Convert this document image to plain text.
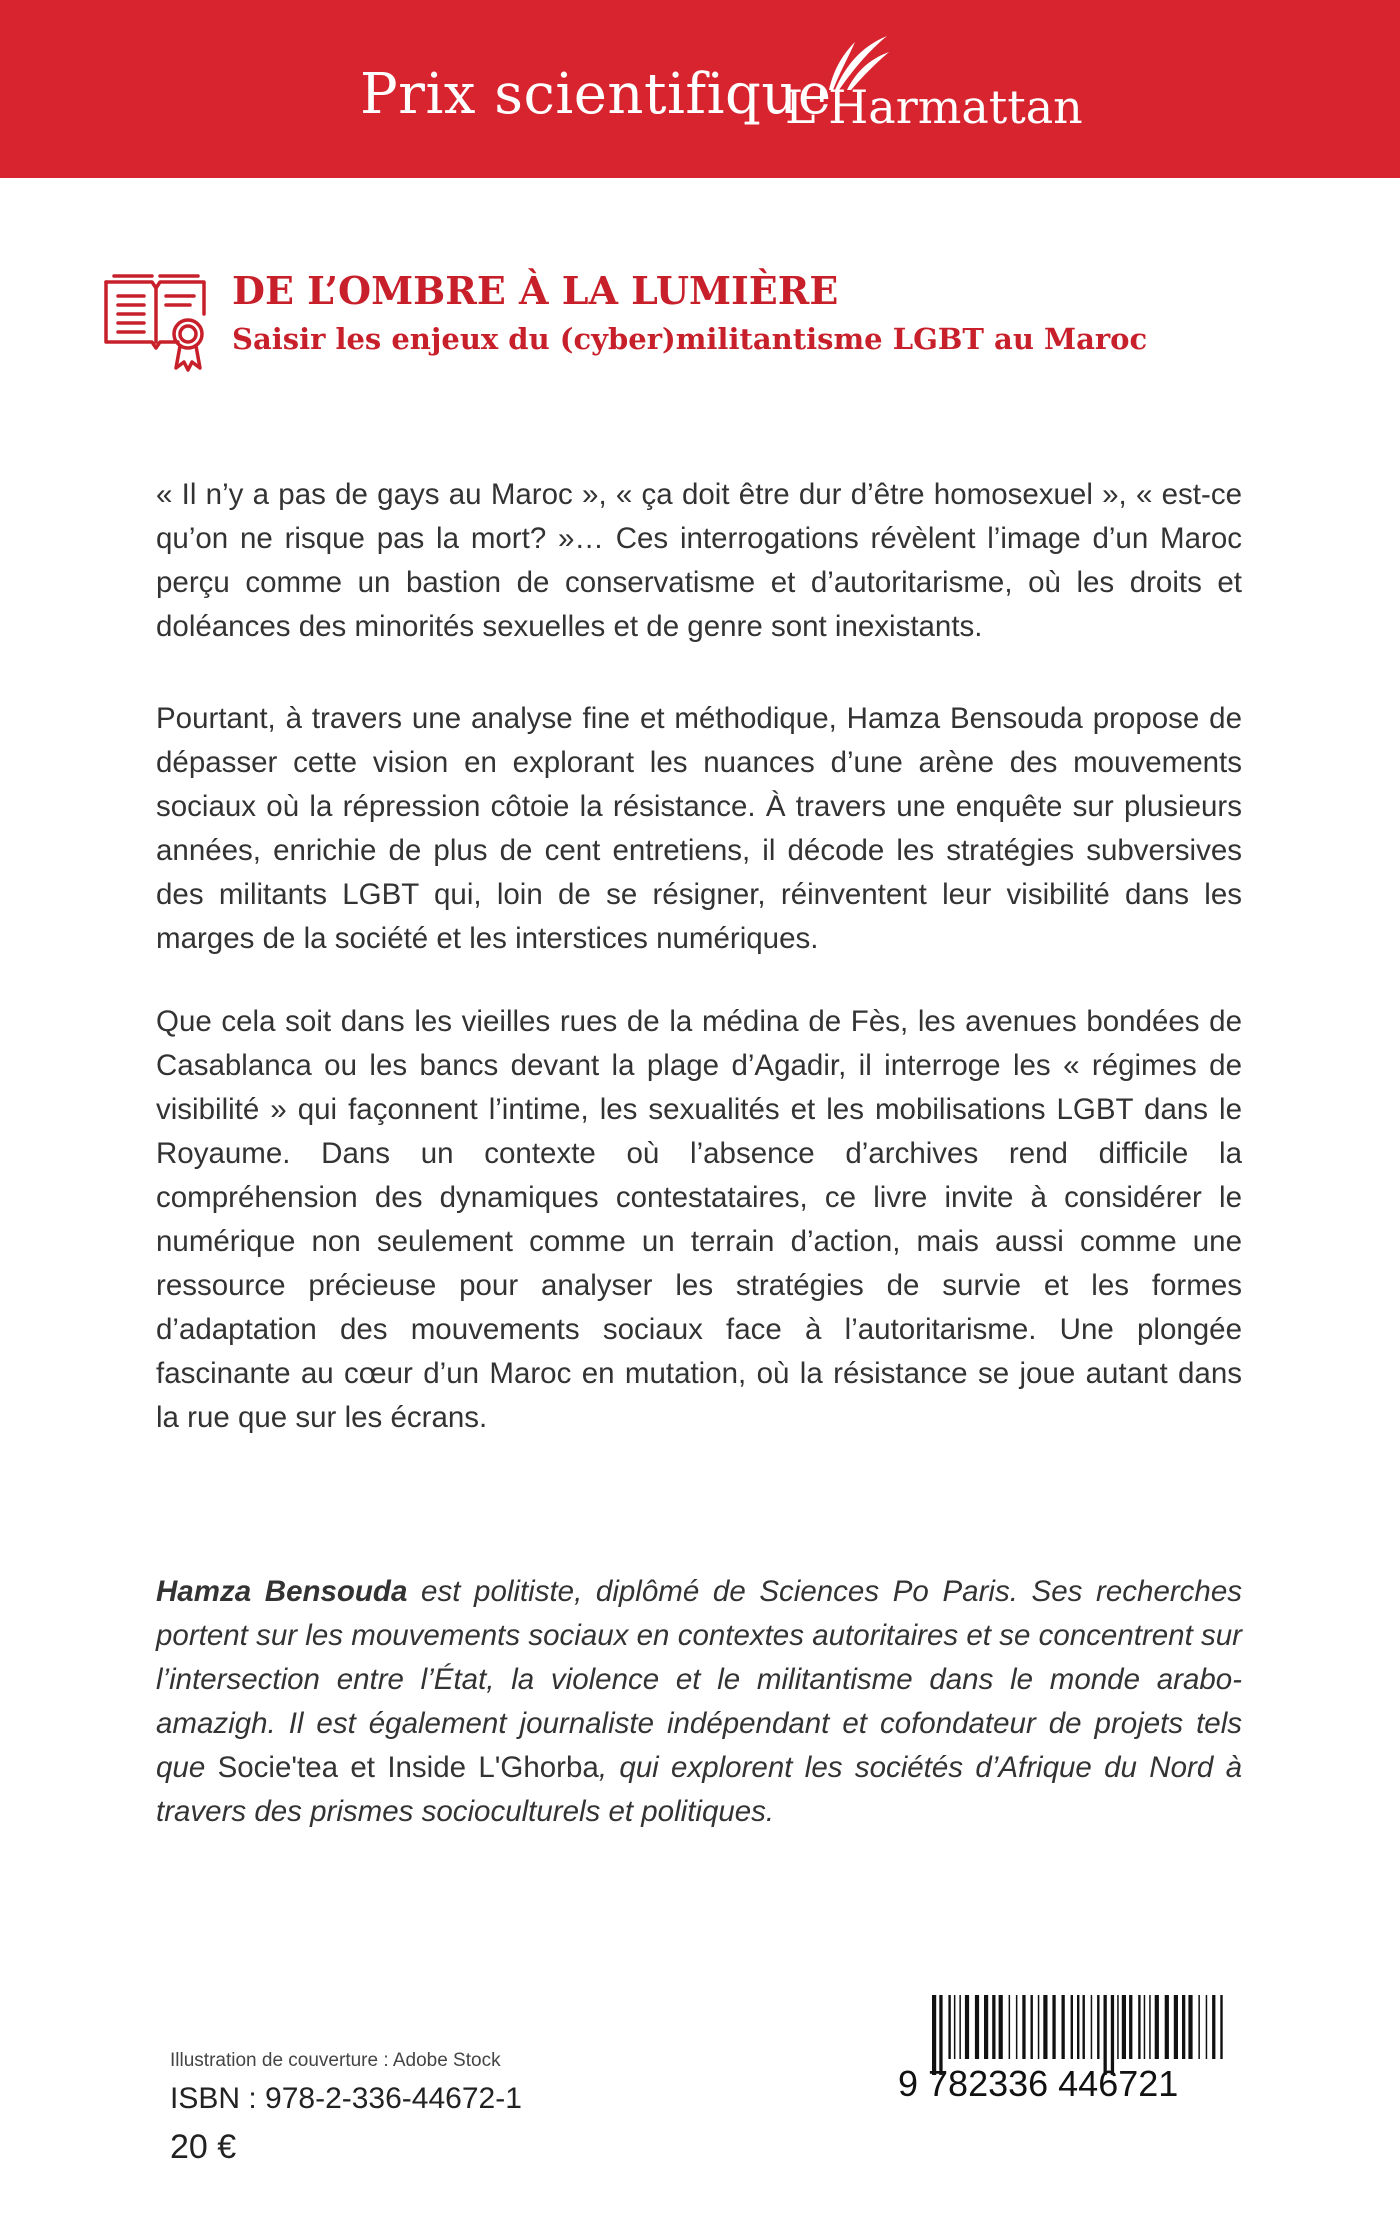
Prix scientifique
L'Harmattan
DE L’OMBRE À LA LUMIÈRE
Saisir les enjeux du (cyber)militantisme LGBT au Maroc

« Il n’y a pas de gays au Maroc », « ça doit être dur d’être homosexuel », « est-ce qu’on ne risque pas la mort? »… Ces interrogations révèlent l’image d’un Maroc perçu comme un bastion de conservatisme et d’autoritarisme, où les droits et doléances des minorités sexuelles et de genre sont inexistants.

Pourtant, à travers une analyse fine et méthodique, Hamza Bensouda propose de dépasser cette vision en explorant les nuances d’une arène des mouvements sociaux où la répression côtoie la résistance. À travers une enquête sur plusieurs années, enrichie de plus de cent entretiens, il décode les stratégies subversives des militants LGBT qui, loin de se résigner, réinventent leur visibilité dans les marges de la société et les interstices numériques.

Que cela soit dans les vieilles rues de la médina de Fès, les avenues bondées de Casablanca ou les bancs devant la plage d’Agadir, il interroge les « régimes de visibilité » qui façonnent l’intime, les sexualités et les mobilisations LGBT dans le Royaume. Dans un contexte où l’absence d’archives rend difficile la compréhension des dynamiques contestataires, ce livre invite à considérer le numérique non seulement comme un terrain d’action, mais aussi comme une ressource précieuse pour analyser les stratégies de survie et les formes d’adaptation des mouvements sociaux face à l’autoritarisme. Une plongée fascinante au cœur d’un Maroc en mutation, où la résistance se joue autant dans la rue que sur les écrans.

Hamza Bensouda est politiste, diplômé de Sciences Po Paris. Ses recherches portent sur les mouvements sociaux en contextes autoritaires et se concentrent sur l’intersection entre l’État, la violence et le militantisme dans le monde arabo-amazigh. Il est également journaliste indépendant et cofondateur de projets tels que Socie'tea et Inside L'Ghorba, qui explorent les sociétés d’Afrique du Nord à travers des prismes socioculturels et politiques.

Illustration de couverture : Adobe Stock
ISBN : 978-2-336-44672-1
20 €
9 782336 446721
